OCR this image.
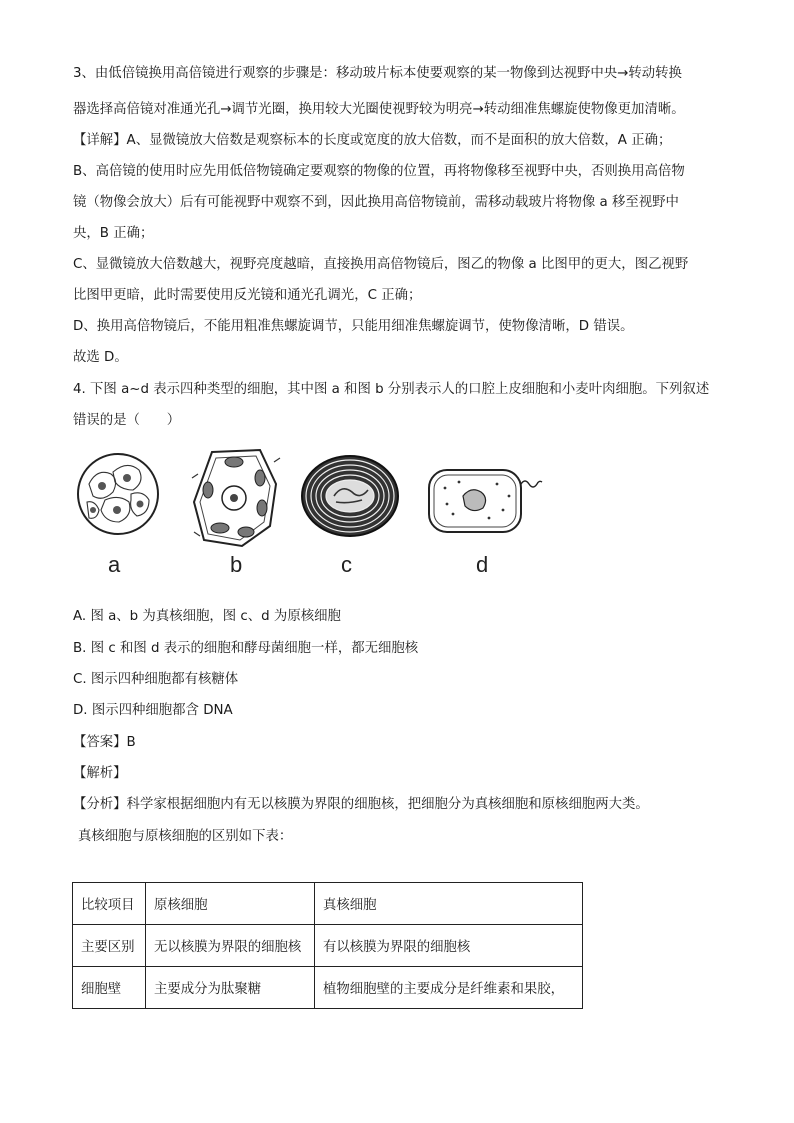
3、由低倍镜换用高倍镜进行观察的步骤是：移动玻片标本使要观察的某一物像到达视野中央→转动转换
器选择高倍镜对准通光孔→调节光圈，换用较大光圈使视野较为明亮→转动细准焦螺旋使物像更加清晰。
【详解】A、显微镜放大倍数是观察标本的长度或宽度的放大倍数，而不是面积的放大倍数，A 正确；
B、高倍镜的使用时应先用低倍物镜确定要观察的物像的位置，再将物像移至视野中央，否则换用高倍物
镜（物像会放大）后有可能视野中观察不到，因此换用高倍物镜前，需移动载玻片将物像 a 移至视野中
央，B 正确；
C、显微镜放大倍数越大，视野亮度越暗，直接换用高倍物镜后，图乙的物像 a 比图甲的更大，图乙视野
比图甲更暗，此时需要使用反光镜和通光孔调光，C 正确；
D、换用高倍物镜后，不能用粗准焦螺旋调节，只能用细准焦螺旋调节，使物像清晰，D 错误。
故选 D。
4. 下图 a~d 表示四种类型的细胞，其中图 a 和图 b 分别表示人的口腔上皮细胞和小麦叶肉细胞。下列叙述
错误的是（　　）
a	b	c	d
A. 图 a、b 为真核细胞，图 c、d 为原核细胞
B. 图 c 和图 d 表示的细胞和酵母菌细胞一样，都无细胞核
C. 图示四种细胞都有核糖体
D. 图示四种细胞都含 DNA
【答案】B
【解析】
【分析】科学家根据细胞内有无以核膜为界限的细胞核，把细胞分为真核细胞和原核细胞两大类。
真核细胞与原核细胞的区别如下表：
比较项目	原核细胞	真核细胞
主要区别	无以核膜为界限的细胞核	有以核膜为界限的细胞核
细胞壁	主要成分为肽聚糖	植物细胞壁的主要成分是纤维素和果胶，
